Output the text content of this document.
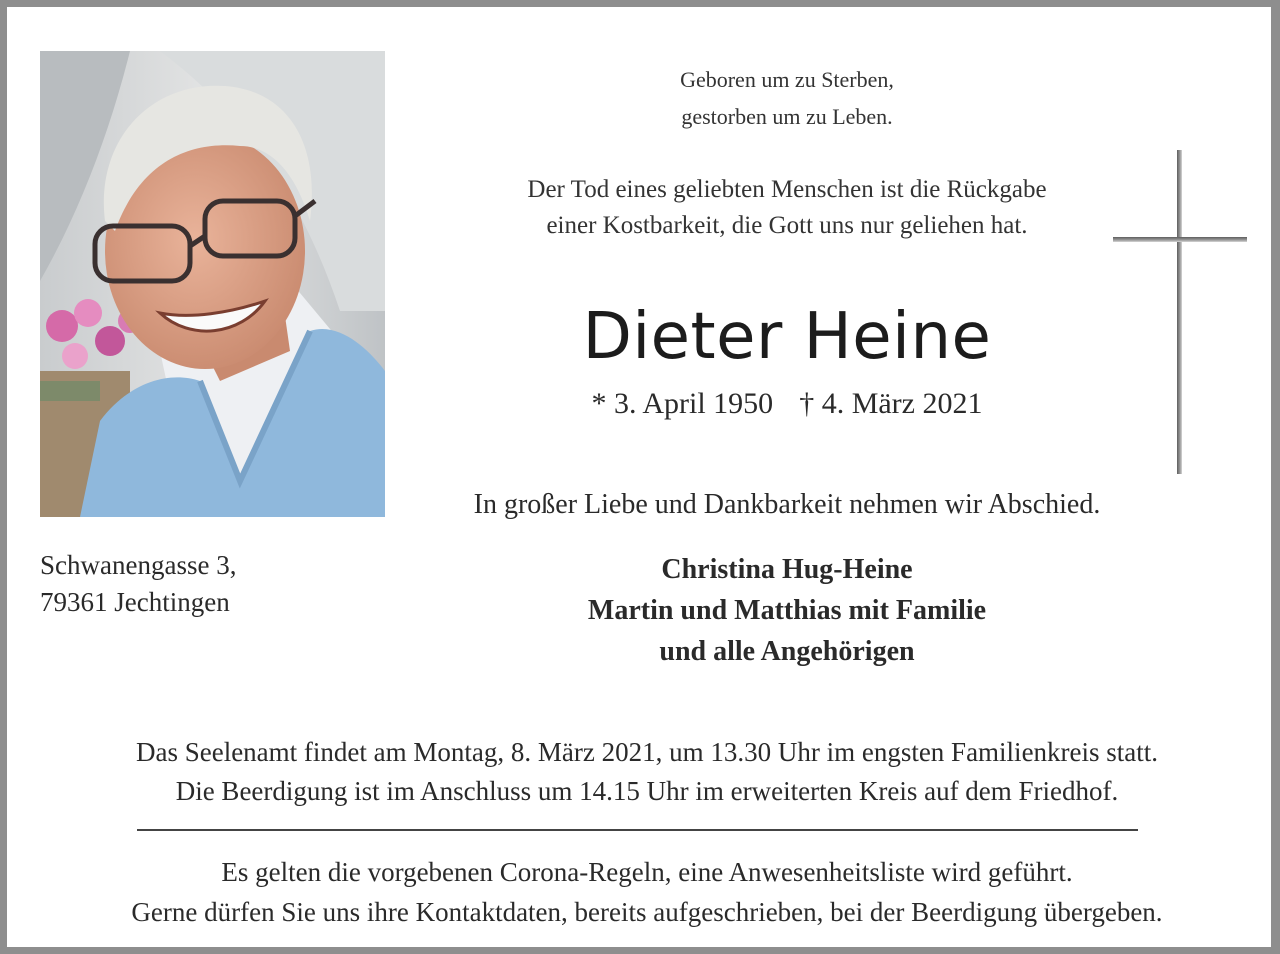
Geboren um zu Sterben,
gestorben um zu Leben.
Der Tod eines geliebten Menschen ist die Rückgabe
einer Kostbarkeit, die Gott uns nur geliehen hat.
Dieter Heine
* 3. April 1950 † 4. März 2021
In großer Liebe und Dankbarkeit nehmen wir Abschied.
Schwanengasse 3,
79361 Jechtingen
Christina Hug-Heine
Martin und Matthias mit Familie
und alle Angehörigen
Das Seelenamt findet am Montag, 8. März 2021, um 13.30 Uhr im engsten Familienkreis statt.
Die Beerdigung ist im Anschluss um 14.15 Uhr im erweiterten Kreis auf dem Friedhof.
Es gelten die vorgebenen Corona-Regeln, eine Anwesenheitsliste wird geführt.
Gerne dürfen Sie uns ihre Kontaktdaten, bereits aufgeschrieben, bei der Beerdigung übergeben.
